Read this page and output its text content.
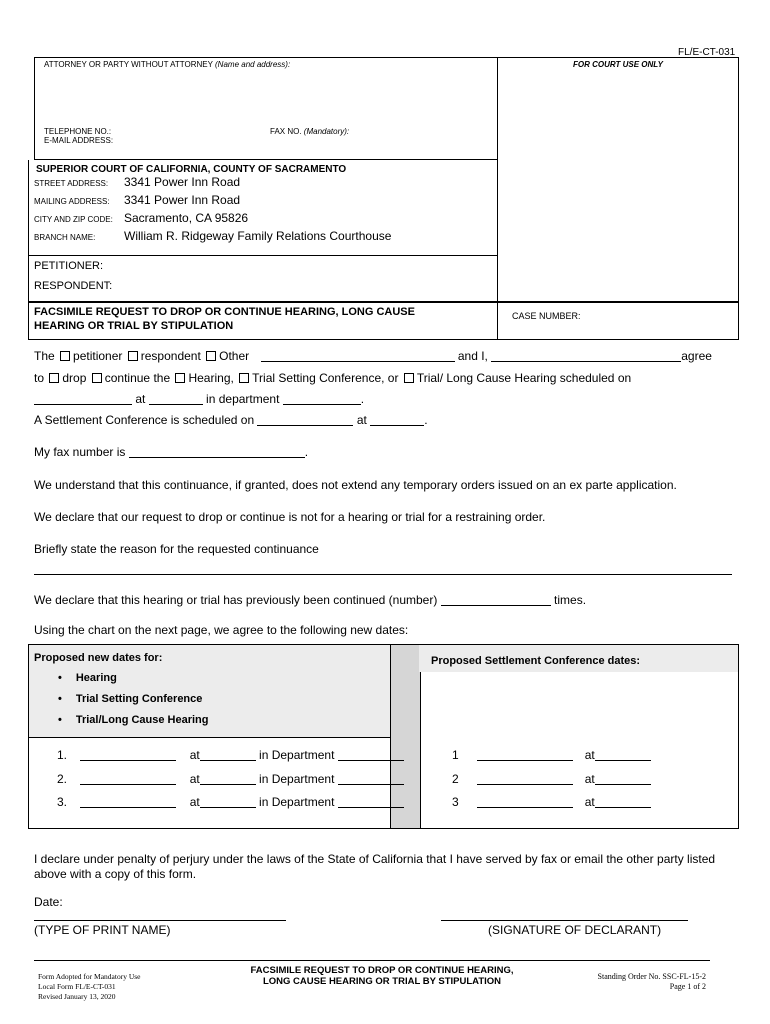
FL/E-CT-031
ATTORNEY OR PARTY WITHOUT ATTORNEY (Name and address):	FOR COURT USE ONLY
TELEPHONE NO.:
E-MAIL ADDRESS:
FAX NO. (Mandatory):
SUPERIOR COURT OF CALIFORNIA, COUNTY OF SACRAMENTO
STREET ADDRESS: 3341 Power Inn Road
MAILING ADDRESS: 3341 Power Inn Road
CITY AND ZIP CODE: Sacramento, CA 95826
BRANCH NAME: William R. Ridgeway Family Relations Courthouse
PETITIONER:
RESPONDENT:
FACSIMILE REQUEST TO DROP OR CONTINUE HEARING, LONG CAUSE
HEARING OR TRIAL BY STIPULATION
CASE NUMBER:
The petitioner respondent Other	and I,	agree
to drop continue the Hearing, Trial Setting Conference, or Trial/ Long Cause Hearing scheduled on
at	in department	.
A Settlement Conference is scheduled on	at	.
My fax number is	.
We understand that this continuance, if granted, does not extend any temporary orders issued on an ex parte application.
We declare that our request to drop or continue is not for a hearing or trial for a restraining order.
Briefly state the reason for the requested continuance
We declare that this hearing or trial has previously been continued (number)	times.
Using the chart on the next page, we agree to the following new dates:
Proposed new dates for:	Proposed Settlement Conference dates:
• Hearing
• Trial Setting Conference
• Trial/Long Cause Hearing
1.	at	in Department
2.	at	in Department
3.	at	in Department
1	at
2	at
3	at
I declare under penalty of perjury under the laws of the State of California that I have served by fax or email the other party listed
above with a copy of this form.
Date:
(TYPE OF PRINT NAME)	(SIGNATURE OF DECLARANT)
Form Adopted for Mandatory Use
Local Form FL/E-CT-031
Revised January 13, 2020
FACSIMILE REQUEST TO DROP OR CONTINUE HEARING,
LONG CAUSE HEARING OR TRIAL BY STIPULATION	Standing Order No. SSC-FL-15-2
Page 1 of 2
